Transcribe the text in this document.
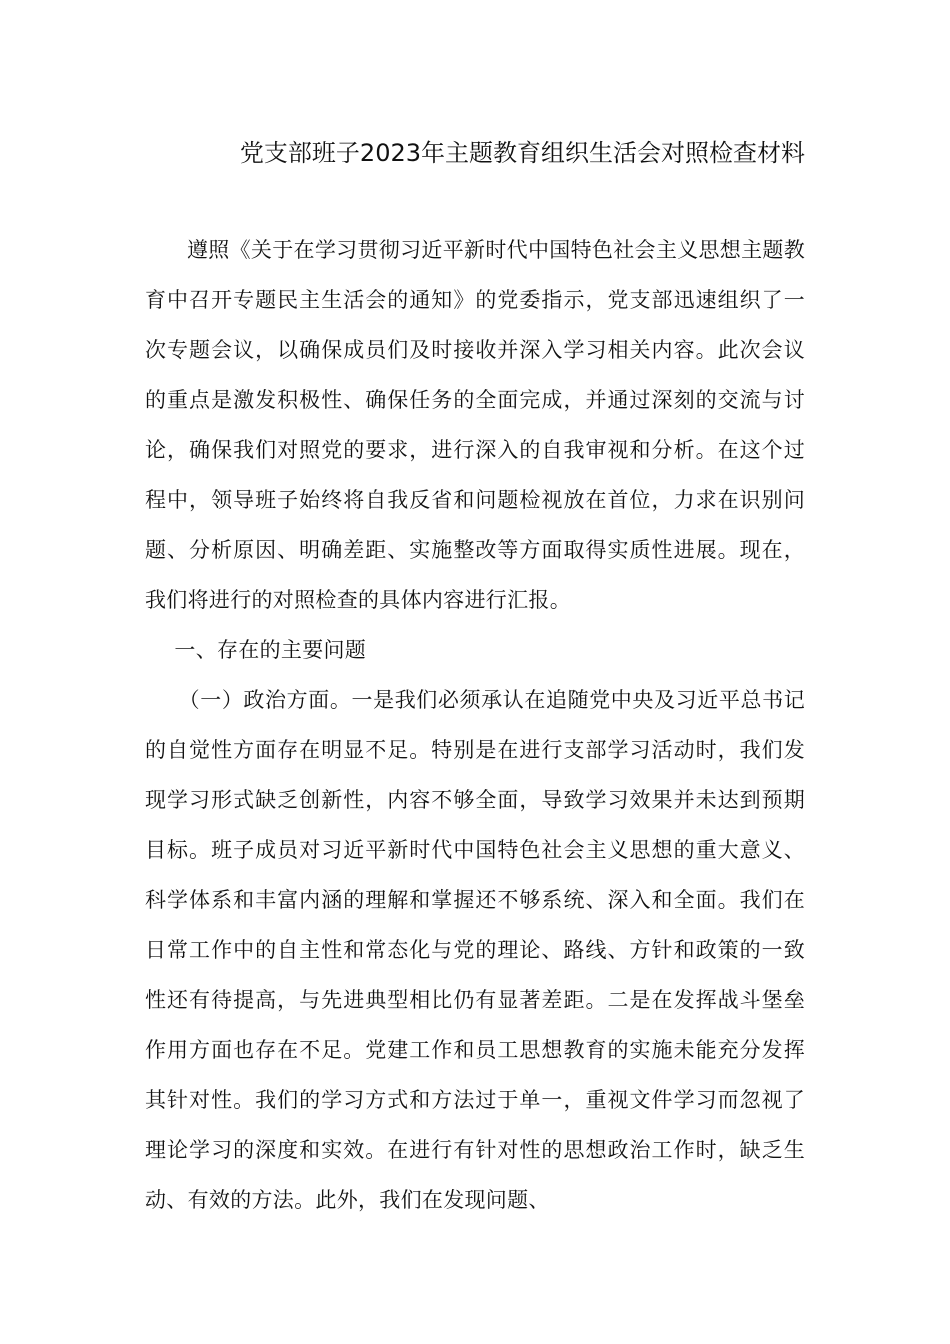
党支部班子2023年主题教育组织生活会对照检查材料

遵照《关于在学习贯彻习近平新时代中国特色社会主义思想主题教育中召开专题民主生活会的通知》的党委指示，党支部迅速组织了一次专题会议，以确保成员们及时接收并深入学习相关内容。此次会议的重点是激发积极性、确保任务的全面完成，并通过深刻的交流与讨论，确保我们对照党的要求，进行深入的自我审视和分析。在这个过程中，领导班子始终将自我反省和问题检视放在首位，力求在识别问题、分析原因、明确差距、实施整改等方面取得实质性进展。现在，我们将进行的对照检查的具体内容进行汇报。

一、存在的主要问题

（一）政治方面。一是我们必须承认在追随党中央及习近平总书记的自觉性方面存在明显不足。特别是在进行支部学习活动时，我们发现学习形式缺乏创新性，内容不够全面，导致学习效果并未达到预期目标。班子成员对习近平新时代中国特色社会主义思想的重大意义、科学体系和丰富内涵的理解和掌握还不够系统、深入和全面。我们在日常工作中的自主性和常态化与党的理论、路线、方针和政策的一致性还有待提高，与先进典型相比仍有显著差距。二是在发挥战斗堡垒作用方面也存在不足。党建工作和员工思想教育的实施未能充分发挥其针对性。我们的学习方式和方法过于单一，重视文件学习而忽视了理论学习的深度和实效。在进行有针对性的思想政治工作时，缺乏生动、有效的方法。此外，我们在发现问题、
